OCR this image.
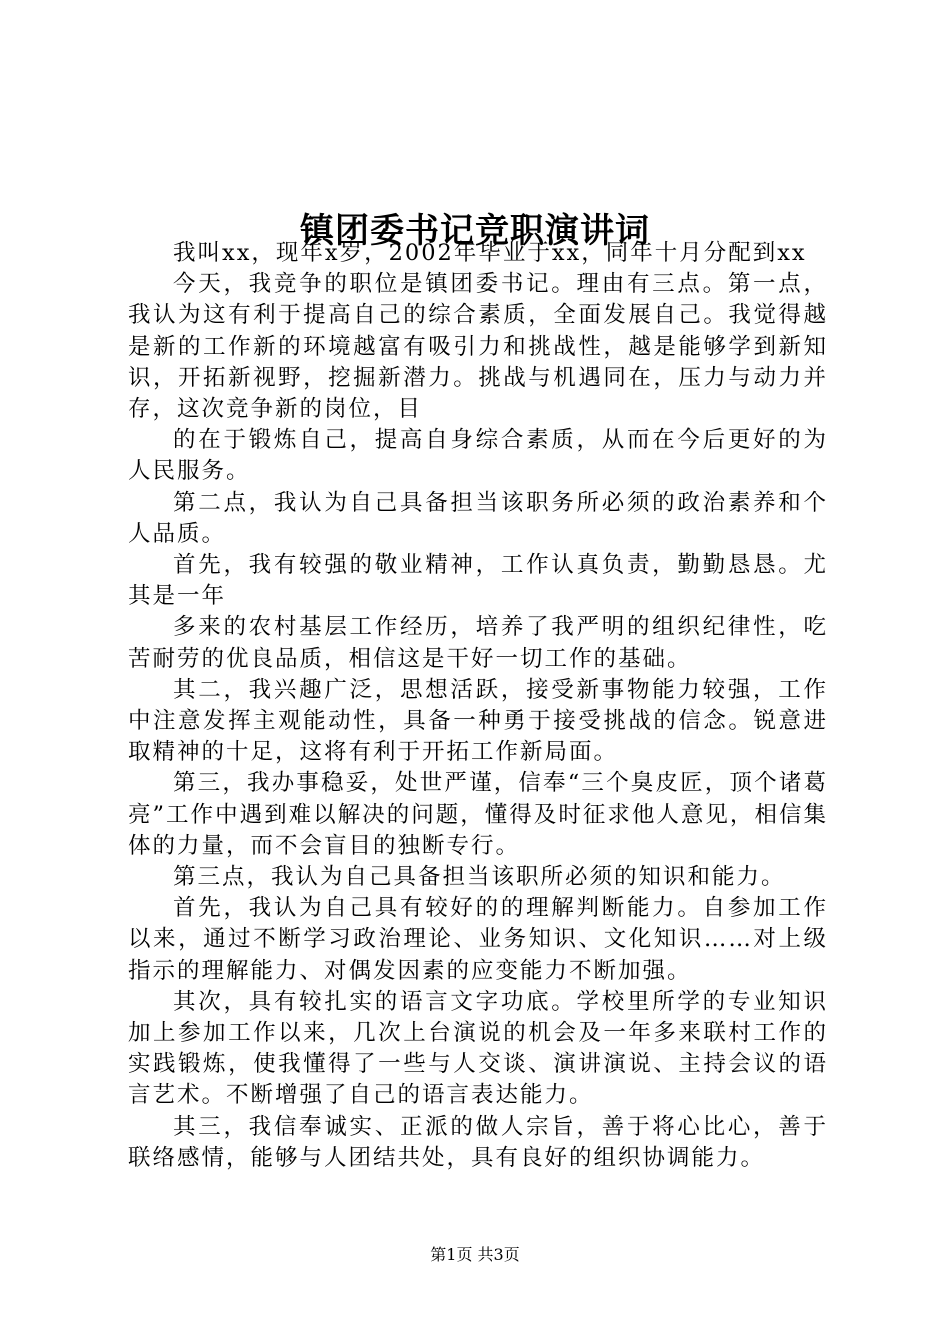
镇团委书记竞职演讲词

我叫xx，现年x岁，2002年毕业于xx，同年十月分配到xx

今天，我竞争的职位是镇团委书记。理由有三点。第一点，我认为这有利于提高自己的综合素质，全面发展自己。我觉得越是新的工作新的环境越富有吸引力和挑战性，越是能够学到新知识，开拓新视野，挖掘新潜力。挑战与机遇同在，压力与动力并存，这次竞争新的岗位，目

的在于锻炼自己，提高自身综合素质，从而在今后更好的为人民服务。

第二点，我认为自己具备担当该职务所必须的政治素养和个人品质。

首先，我有较强的敬业精神，工作认真负责，勤勤恳恳。尤其是一年

多来的农村基层工作经历，培养了我严明的组织纪律性，吃苦耐劳的优良品质，相信这是干好一切工作的基础。

其二，我兴趣广泛，思想活跃，接受新事物能力较强，工作中注意发挥主观能动性，具备一种勇于接受挑战的信念。锐意进取精神的十足，这将有利于开拓工作新局面。

第三，我办事稳妥，处世严谨，信奉“三个臭皮匠，顶个诸葛亮”工作中遇到难以解决的问题，懂得及时征求他人意见，相信集体的力量，而不会盲目的独断专行。

第三点，我认为自己具备担当该职所必须的知识和能力。

首先，我认为自己具有较好的的理解判断能力。自参加工作以来，通过不断学习政治理论、业务知识、文化知识……对上级指示的理解能力、对偶发因素的应变能力不断加强。

其次，具有较扎实的语言文字功底。学校里所学的专业知识加上参加工作以来，几次上台演说的机会及一年多来联村工作的实践锻炼，使我懂得了一些与人交谈、演讲演说、主持会议的语言艺术。不断增强了自己的语言表达能力。

其三，我信奉诚实、正派的做人宗旨，善于将心比心，善于联络感情，能够与人团结共处，具有良好的组织协调能力。

第1页 共3页
